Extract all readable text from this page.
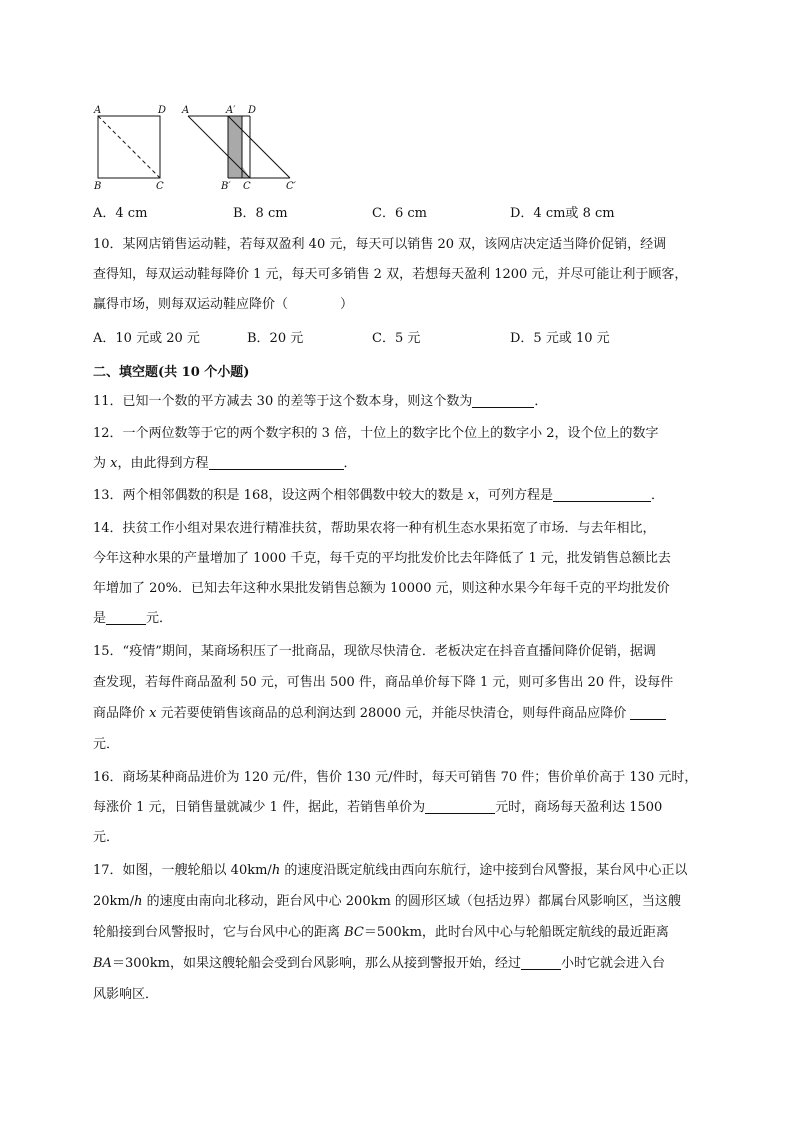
A	D
B	C
A	A′ D
B′ C	C′
A．4 cm	B．8 cm	C．6 cm	D．4 cm或 8 cm
10．某网店销售运动鞋，若每双盈利 40 元，每天可以销售 20 双，该网店决定适当降价促销，经调
查得知，每双运动鞋每降价 1 元，每天可多销售 2 双，若想每天盈利 1200 元，并尽可能让利于顾客，
赢得市场，则每双运动鞋应降价（　　　　）
A．10 元或 20 元	B．20 元	C．5 元	D．5 元或 10 元
二、填空题(共 10 个小题)
11．已知一个数的平方减去 30 的差等于这个数本身，则这个数为	．
12．一个两位数等于它的两个数字积的 3 倍，十位上的数字比个位上的数字小 2，设个位上的数字
为 x，由此得到方程	．
13．两个相邻偶数的积是 168，设这两个相邻偶数中较大的数是 x，可列方程是	．
14．扶贫工作小组对果农进行精准扶贫，帮助果农将一种有机生态水果拓宽了市场．与去年相比，
今年这种水果的产量增加了 1000 千克，每千克的平均批发价比去年降低了 1 元，批发销售总额比去
年增加了 20%．已知去年这种水果批发销售总额为 10000 元，则这种水果今年每千克的平均批发价
是	元．
15．“疫情”期间，某商场积压了一批商品，现欲尽快清仓．老板决定在抖音直播间降价促销，据调
查发现，若每件商品盈利 50 元，可售出 500 件，商品单价每下降 1 元，则可多售出 20 件，设每件
商品降价 x 元若要使销售该商品的总利润达到 28000 元，并能尽快清仓，则每件商品应降价
元．
16．商场某种商品进价为 120 元/件，售价 130 元/件时，每天可销售 70 件；售价单价高于 130 元时，
每涨价 1 元，日销售量就减少 1 件，据此，若销售单价为	元时，商场每天盈利达 1500
元．
17．如图，一艘轮船以 40km/h 的速度沿既定航线由西向东航行，途中接到台风警报，某台风中心正以
20km/h 的速度由南向北移动，距台风中心 200km 的圆形区域（包括边界）都属台风影响区，当这艘
轮船接到台风警报时，它与台风中心的距离 BC＝500km，此时台风中心与轮船既定航线的最近距离
BA＝300km，如果这艘轮船会受到台风影响，那么从接到警报开始，经过	小时它就会进入台
风影响区．
